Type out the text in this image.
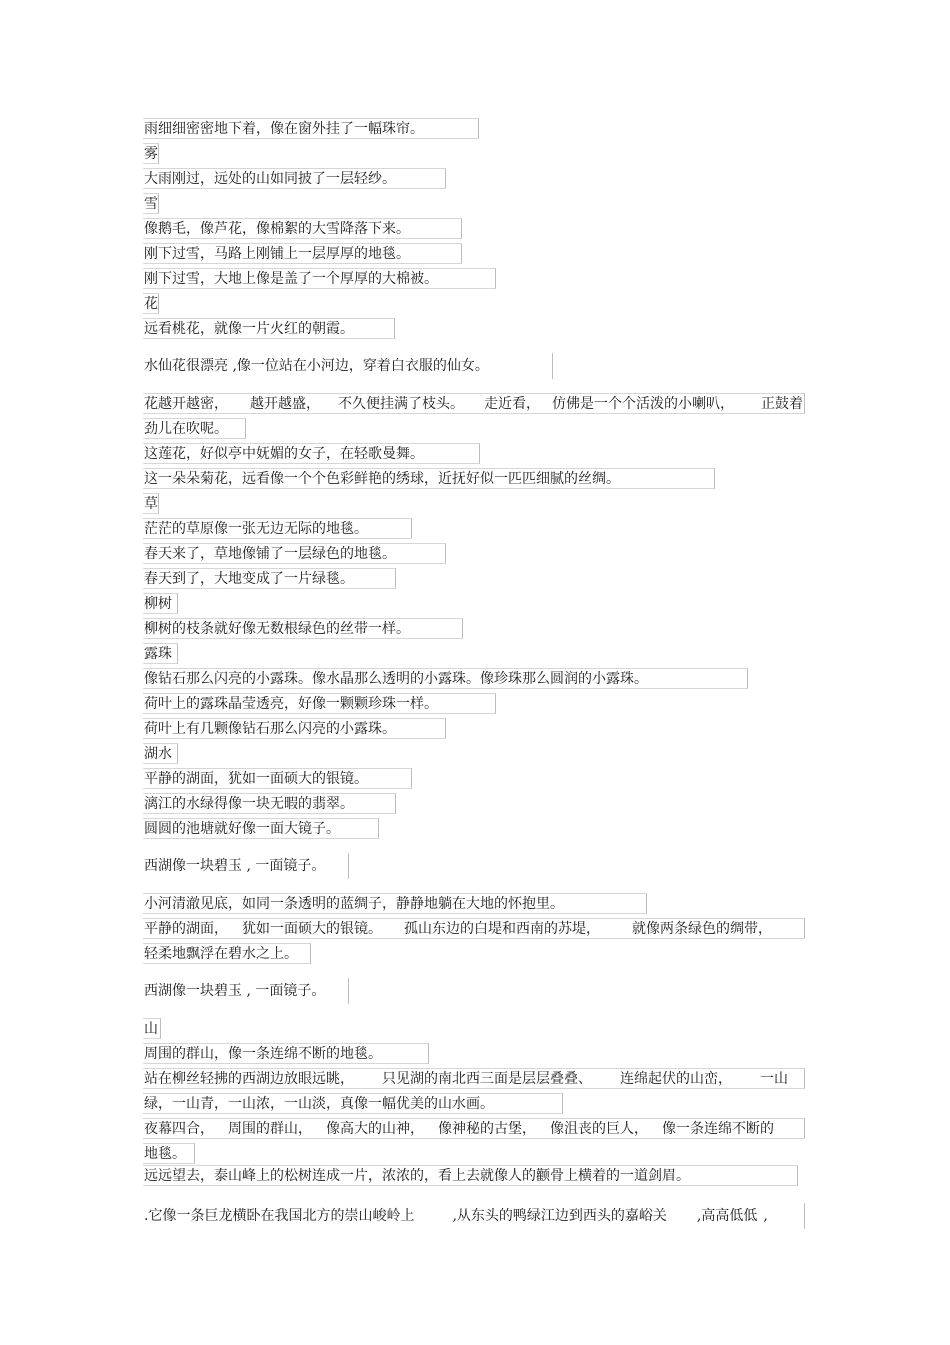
雨细细密密地下着，像在窗外挂了一幅珠帘。
雾
大雨刚过，远处的山如同披了一层轻纱。
雪
像鹅毛，像芦花，像棉絮的大雪降落下来。
刚下过雪，马路上刚铺上一层厚厚的地毯。
刚下过雪，大地上像是盖了一个厚厚的大棉被。
花
远看桃花，就像一片火红的朝霞。
水仙花很漂亮 ,像一位站在小河边，穿着白衣服的仙女。
花越开越密， 越开越盛， 不久便挂满了枝头。 走近看， 仿佛是一个个活泼的小喇叭， 正鼓着
劲儿在吹呢。
这莲花，好似亭中妩媚的女子，在轻歌曼舞。
这一朵朵菊花，远看像一个个色彩鲜艳的绣球，近抚好似一匹匹细腻的丝绸。
草
茫茫的草原像一张无边无际的地毯。
春天来了，草地像铺了一层绿色的地毯。
春天到了，大地变成了一片绿毯。
柳树
柳树的枝条就好像无数根绿色的丝带一样。
露珠
像钻石那么闪亮的小露珠。像水晶那么透明的小露珠。像珍珠那么圆润的小露珠。
荷叶上的露珠晶莹透亮，好像一颗颗珍珠一样。
荷叶上有几颗像钻石那么闪亮的小露珠。
湖水
平静的湖面，犹如一面硕大的银镜。
漓江的水绿得像一块无暇的翡翠。
圆圆的池塘就好像一面大镜子。
西湖像一块碧玉 , 一面镜子。
小河清澈见底，如同一条透明的蓝绸子，静静地躺在大地的怀抱里。
平静的湖面， 犹如一面硕大的银镜。 孤山东边的白堤和西南的苏堤， 就像两条绿色的绸带，
轻柔地飘浮在碧水之上。
西湖像一块碧玉 , 一面镜子。
山
周围的群山，像一条连绵不断的地毯。
站在柳丝轻拂的西湖边放眼远眺， 只见湖的南北西三面是层层叠叠、 连绵起伏的山峦， 一山
绿，一山青，一山浓，一山淡，真像一幅优美的山水画。
夜幕四合， 周围的群山， 像高大的山神， 像神秘的古堡， 像沮丧的巨人， 像一条连绵不断的
地毯。
远远望去，泰山峰上的松树连成一片，浓浓的，看上去就像人的颧骨上横着的一道剑眉。
.它像一条巨龙横卧在我国北方的崇山峻岭上	,从东头的鸭绿江边到西头的嘉峪关 ,高高低低 ,
